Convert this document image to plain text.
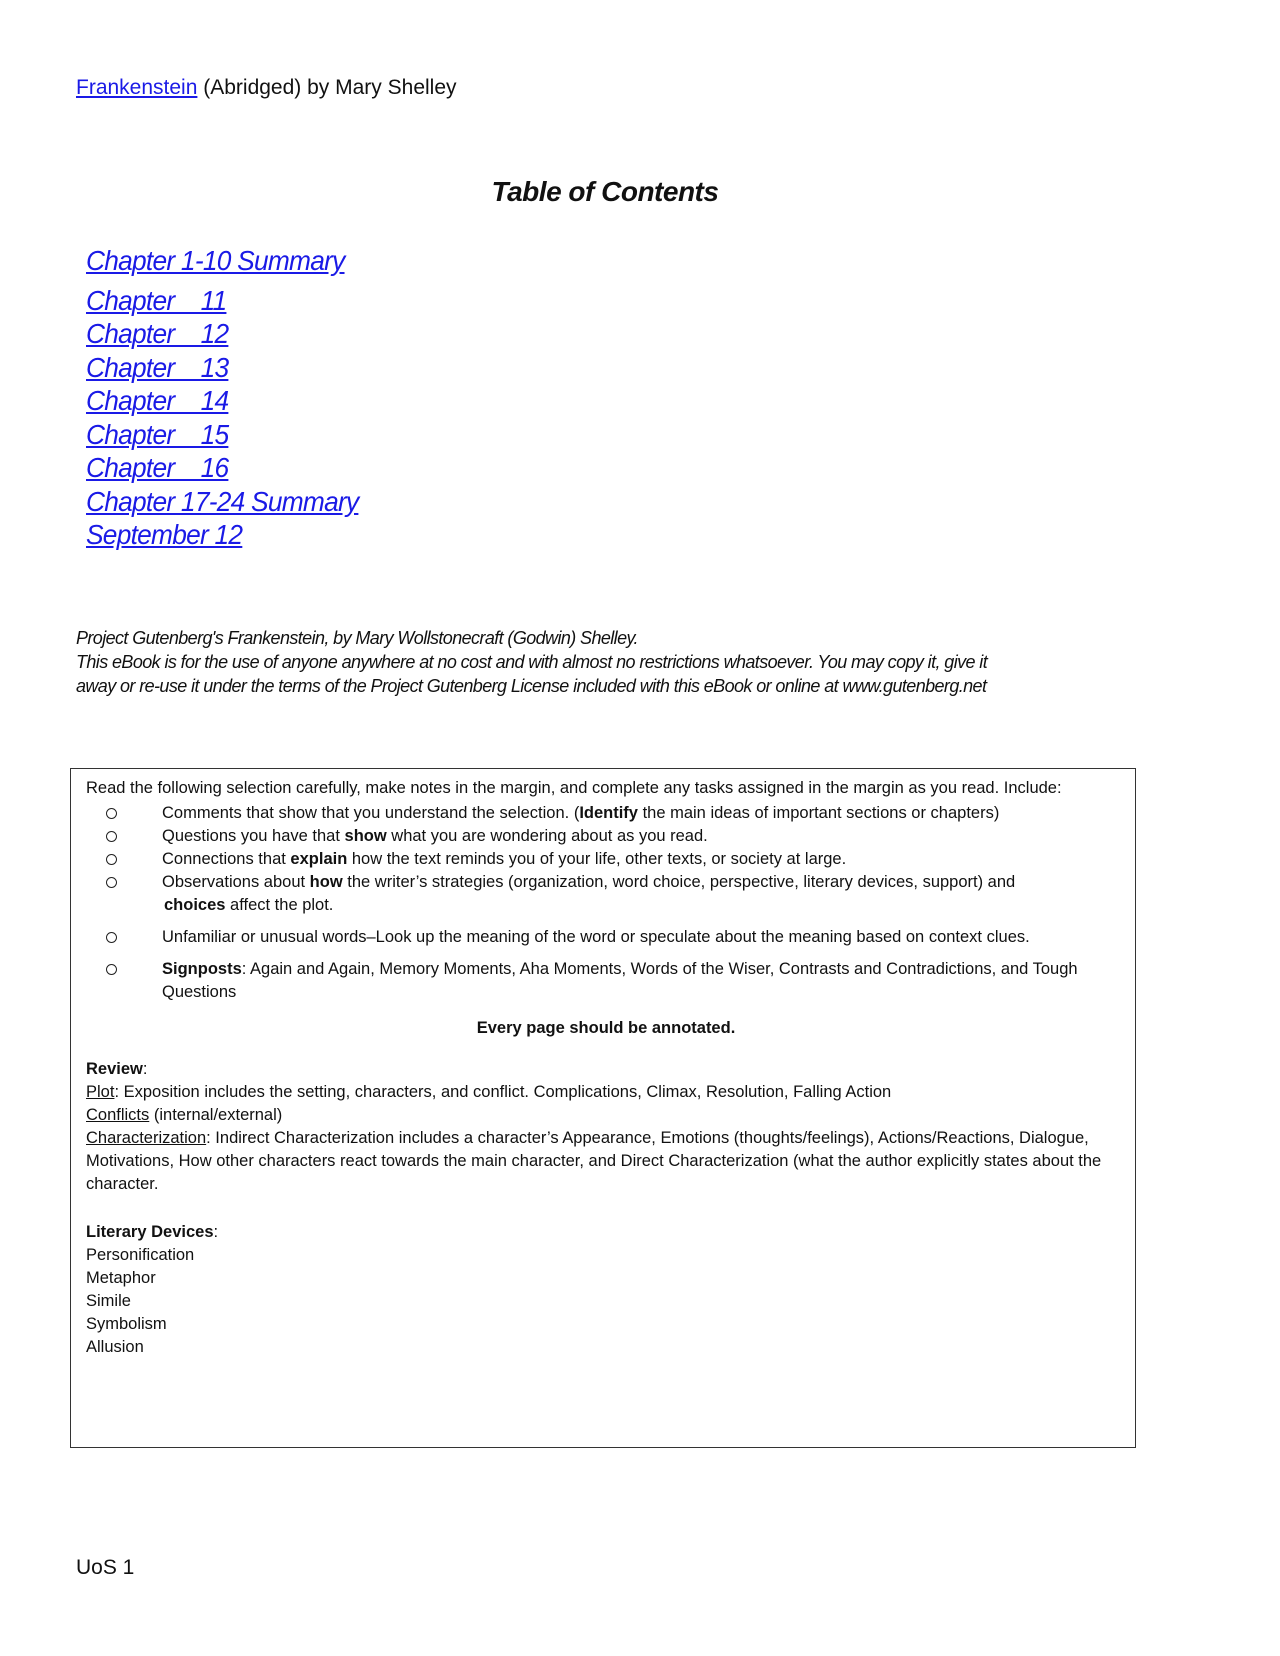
Frankenstein (Abridged) by Mary Shelley
Table of Contents
Chapter 1-10 Summary
Chapter    11
Chapter    12
Chapter    13
Chapter    14
Chapter    15
Chapter    16
Chapter 17-24 Summary
September 12

Project Gutenberg's Frankenstein, by Mary Wollstonecraft (Godwin) Shelley.

This eBook is for the use of anyone anywhere at no cost and with almost no restrictions whatsoever. You may copy it, give it

away or re-use it under the terms of the Project Gutenberg License included with this eBook or online at www.gutenberg.net

Read the following selection carefully, make notes in the margin, and complete any tasks assigned in the margin as you read. Include:

Comments that show that you understand the selection. (Identify the main ideas of important sections or chapters)

Questions you have that show what you are wondering about as you read.

Connections that explain how the text reminds you of your life, other texts, or society at large.

Observations about how the writer’s strategies (organization, word choice, perspective, literary devices, support) and
choices affect the plot.

Unfamiliar or unusual words–Look up the meaning of the word or speculate about the meaning based on context clues.

Signposts: Again and Again, Memory Moments, Aha Moments, Words of the Wiser, Contrasts and Contradictions, and Tough Questions

Every page should be annotated.

Review:

Plot: Exposition includes the setting, characters, and conflict. Complications, Climax, Resolution, Falling Action

Conflicts (internal/external)

Characterization: Indirect Characterization includes a character’s Appearance, Emotions (thoughts/feelings), Actions/Reactions, Dialogue, Motivations, How other characters react towards the main character, and Direct Characterization (what the author explicitly states about the character.

Literary Devices:

Personification

Metaphor

Simile

Symbolism

Allusion

UoS 1
